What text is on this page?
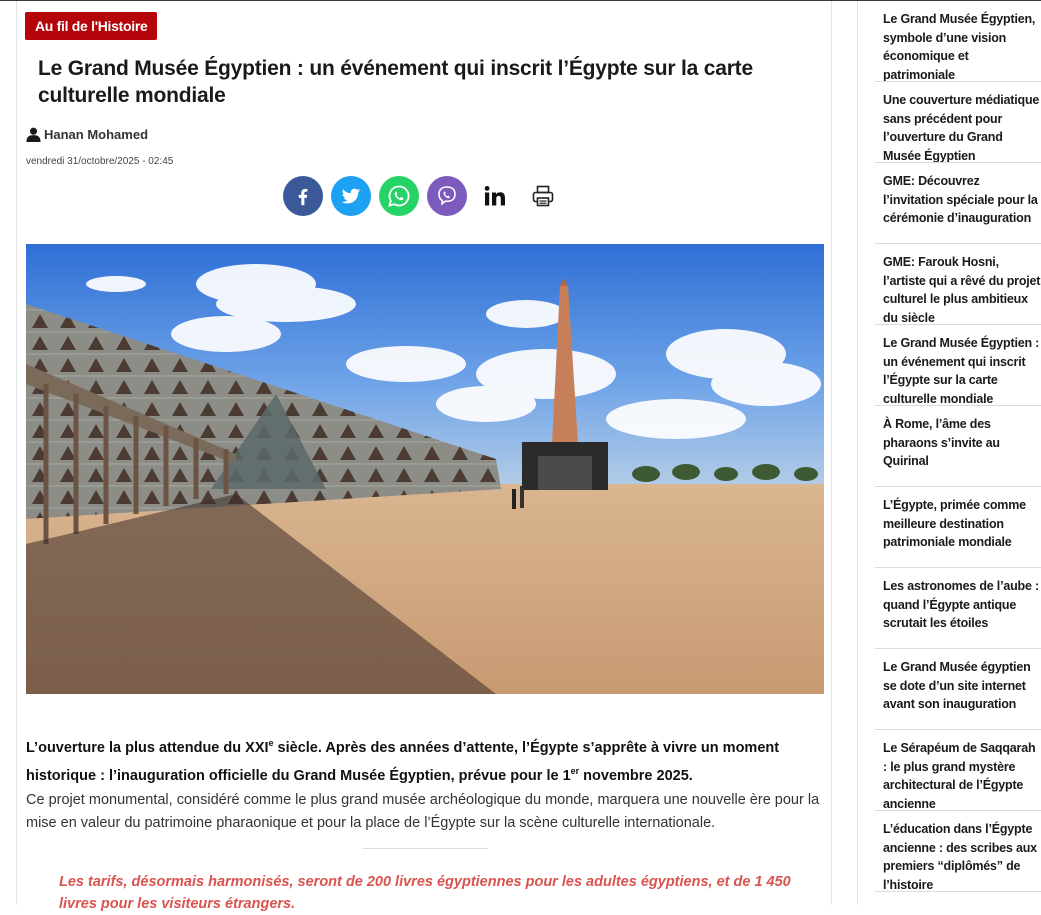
Au fil de l'Histoire
Le Grand Musée Égyptien : un événement qui inscrit l’Égypte sur la carte culturelle mondiale
Hanan Mohamed
vendredi 31/octobre/2025 - 02:45

L’ouverture la plus attendue du XXIe siècle. Après des années d’attente, l’Égypte s’apprête à vivre un moment historique : l’inauguration officielle du Grand Musée Égyptien, prévue pour le 1er novembre 2025.

Ce projet monumental, considéré comme le plus grand musée archéologique du monde, marquera une nouvelle ère pour la mise en valeur du patrimoine pharaonique et pour la place de l’Égypte sur la scène culturelle internationale.

Les tarifs, désormais harmonisés, seront de 200 livres égyptiennes pour les adultes égyptiens, et de 1 450 livres pour les visiteurs étrangers.

Le Grand Musée Égyptien, symbole d’une vision économique et patrimoniale
Une couverture médiatique sans précédent pour l’ouverture du Grand Musée Égyptien
GME: Découvrez l’invitation spéciale pour la cérémonie d’inauguration
GME: Farouk Hosni, l’artiste qui a rêvé du projet culturel le plus ambitieux du siècle
Le Grand Musée Égyptien : un événement qui inscrit l’Égypte sur la carte culturelle mondiale
À Rome, l’âme des pharaons s’invite au Quirinal
L’Égypte, primée comme meilleure destination patrimoniale mondiale
Les astronomes de l’aube : quand l’Égypte antique scrutait les étoiles
Le Grand Musée égyptien se dote d’un site internet avant son inauguration
Le Sérapéum de Saqqarah : le plus grand mystère architectural de l’Égypte ancienne
L’éducation dans l’Égypte ancienne : des scribes aux premiers “diplômés” de l’histoire
